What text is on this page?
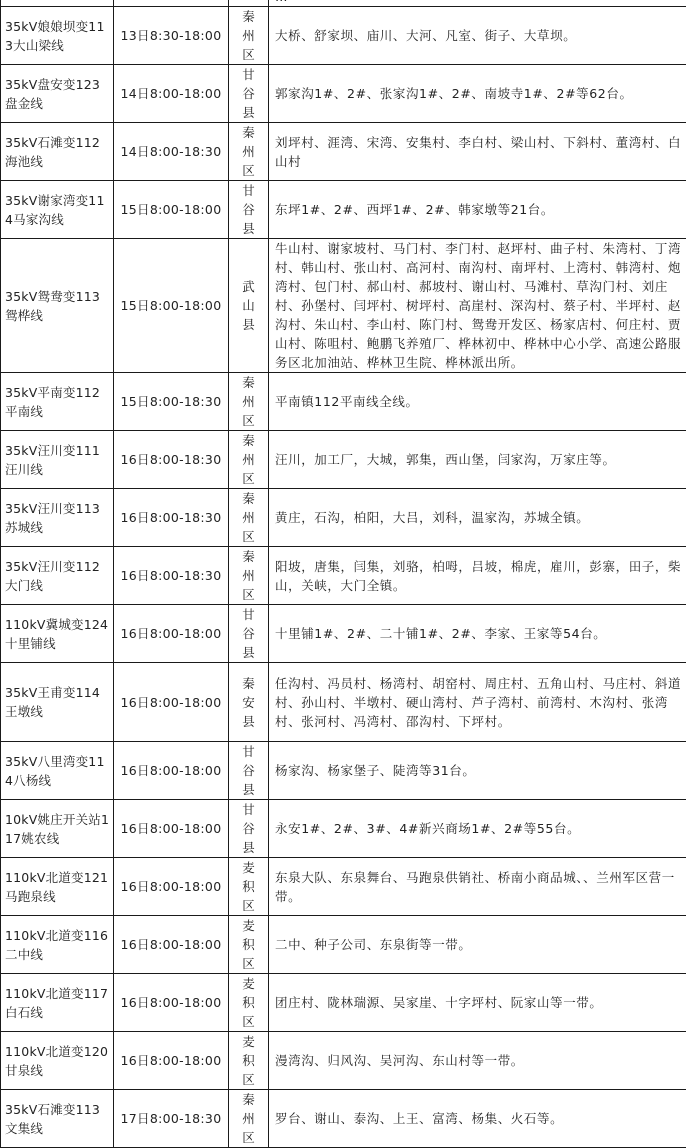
35kV娘娘坝变113大山梁线	13日8:30-18:00	秦州区	大桥、舒家坝、庙川、大河、凡室、街子、大草坝。
35kV盘安变123盘金线	14日8:00-18:00	甘谷县	郭家沟1#、2#、张家沟1#、2#、南坡寺1#、2#等62台。
35kV石滩变112海池线	14日8:00-18:30	秦州区	刘坪村、涯湾、宋湾、安集村、李白村、梁山村、下斜村、董湾村、白山村
35kV谢家湾变114马家沟线	15日8:00-18:00	甘谷县	东坪1#、2#、西坪1#、2#、韩家墩等21台。
35kV鸳鸯变113鸳桦线	15日8:00-18:00	武山县	牛山村、谢家坡村、马门村、李门村、赵坪村、曲子村、朱湾村、丁湾村、韩山村、张山村、高河村、南沟村、南坪村、上湾村、韩湾村、炮湾村、包门村、郝山村、郝坡村、谢山村、马滩村、草沟门村、刘庄村、孙堡村、闫坪村、树坪村、高崖村、深沟村、蔡子村、半坪村、赵沟村、朱山村、李山村、陈门村、鸳鸯开发区、杨家店村、何庄村、贾山村、陈咀村、鲍鹏飞养殖厂、桦林初中、桦林中心小学、高速公路服务区北加油站、桦林卫生院、桦林派出所。
35kV平南变112平南线	15日8:00-18:30	秦州区	平南镇112平南线全线。
35kV汪川变111汪川线	16日8:00-18:30	秦州区	汪川，加工厂，大城，郭集，西山堡，闫家沟，万家庄等。
35kV汪川变113苏城线	16日8:00-18:30	秦州区	黄庄，石沟，柏阳，大吕，刘科，温家沟，苏城全镇。
35kV汪川变112大门线	16日8:00-18:30	秦州区	阳坡，唐集，闫集，刘骆，柏呣，吕坡，棉虎，雇川，彭寨，田子，柴山，关峡，大门全镇。
110kV冀城变124十里铺线	16日8:00-18:00	甘谷县	十里铺1#、2#、二十铺1#、2#、李家、王家等54台。
35kV王甫变114王墩线	16日8:00-18:00	秦安县	任沟村、冯员村、杨湾村、胡窑村、周庄村、五角山村、马庄村、斜道村、孙山村、半墩村、硬山湾村、芦子湾村、前湾村、木沟村、张湾村、张河村、冯湾村、邵沟村、下坪村。
35kV八里湾变114八杨线	16日8:00-18:00	甘谷县	杨家沟、杨家堡子、陡湾等31台。
10kV姚庄开关站117姚农线	16日8:00-18:00	甘谷县	永安1#、2#、3#、4#新兴商场1#、2#等55台。
110kV北道变121马跑泉线	16日8:00-18:00	麦积区	东泉大队、东泉舞台、马跑泉供销社、桥南小商品城、、兰州军区营一带。
110kV北道变116二中线	16日8:00-18:00	麦积区	二中、种子公司、东泉街等一带。
110kV北道变117白石线	16日8:00-18:00	麦积区	团庄村、陇林瑞源、吴家崖、十字坪村、阮家山等一带。
110kV北道变120甘泉线	16日8:00-18:00	麦积区	漫湾沟、归风沟、吴河沟、东山村等一带。
35kV石滩变113文集线	17日8:00-18:30	秦州区	罗台、谢山、泰沟、上王、富湾、杨集、火石等。
